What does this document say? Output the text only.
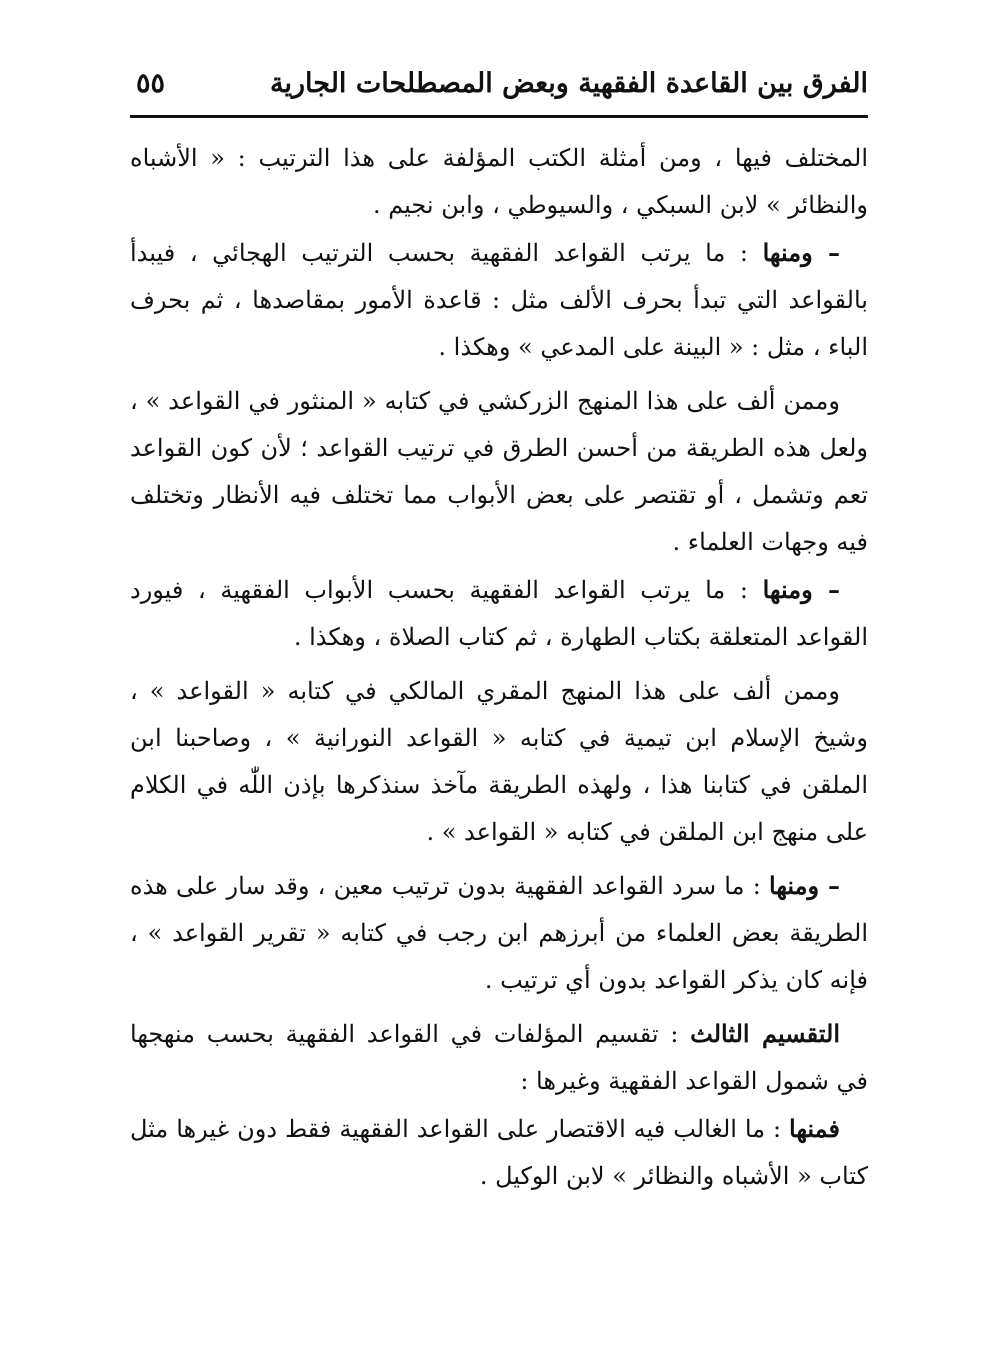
الفرق بين القاعدة الفقهية وبعض المصطلحات الجارية
٥٥

المختلف فيها ، ومن أمثلة الكتب المؤلفة على هذا الترتيب : « الأشباه والنظائر » لابن السبكي ، والسيوطي ، وابن نجيم .

– ومنها : ما يرتب القواعد الفقهية بحسب الترتيب الهجائي ، فيبدأ بالقواعد التي تبدأ بحرف الألف مثل : قاعدة الأمور بمقاصدها ، ثم بحرف الباء ، مثل : « البينة على المدعي » وهكذا .

وممن ألف على هذا المنهج الزركشي في كتابه « المنثور في القواعد » ، ولعل هذه الطريقة من أحسن الطرق في ترتيب القواعد ؛ لأن كون القواعد تعم وتشمل ، أو تقتصر على بعض الأبواب مما تختلف فيه الأنظار وتختلف فيه وجهات العلماء .

– ومنها : ما يرتب القواعد الفقهية بحسب الأبواب الفقهية ، فيورد القواعد المتعلقة بكتاب الطهارة ، ثم كتاب الصلاة ، وهكذا .

وممن ألف على هذا المنهج المقري المالكي في كتابه « القواعد » ، وشيخ الإسلام ابن تيمية في كتابه « القواعد النورانية » ، وصاحبنا ابن الملقن في كتابنا هذا ، ولهذه الطريقة مآخذ سنذكرها بإذن اللّٰه في الكلام على منهج ابن الملقن في كتابه « القواعد » .

– ومنها : ما سرد القواعد الفقهية بدون ترتيب معين ، وقد سار على هذه الطريقة بعض العلماء من أبرزهم ابن رجب في كتابه « تقرير القواعد » ، فإنه كان يذكر القواعد بدون أي ترتيب .

التقسيم الثالث : تقسيم المؤلفات في القواعد الفقهية بحسب منهجها في شمول القواعد الفقهية وغيرها :

فمنها : ما الغالب فيه الاقتصار على القواعد الفقهية فقط دون غيرها مثل كتاب « الأشباه والنظائر » لابن الوكيل .
